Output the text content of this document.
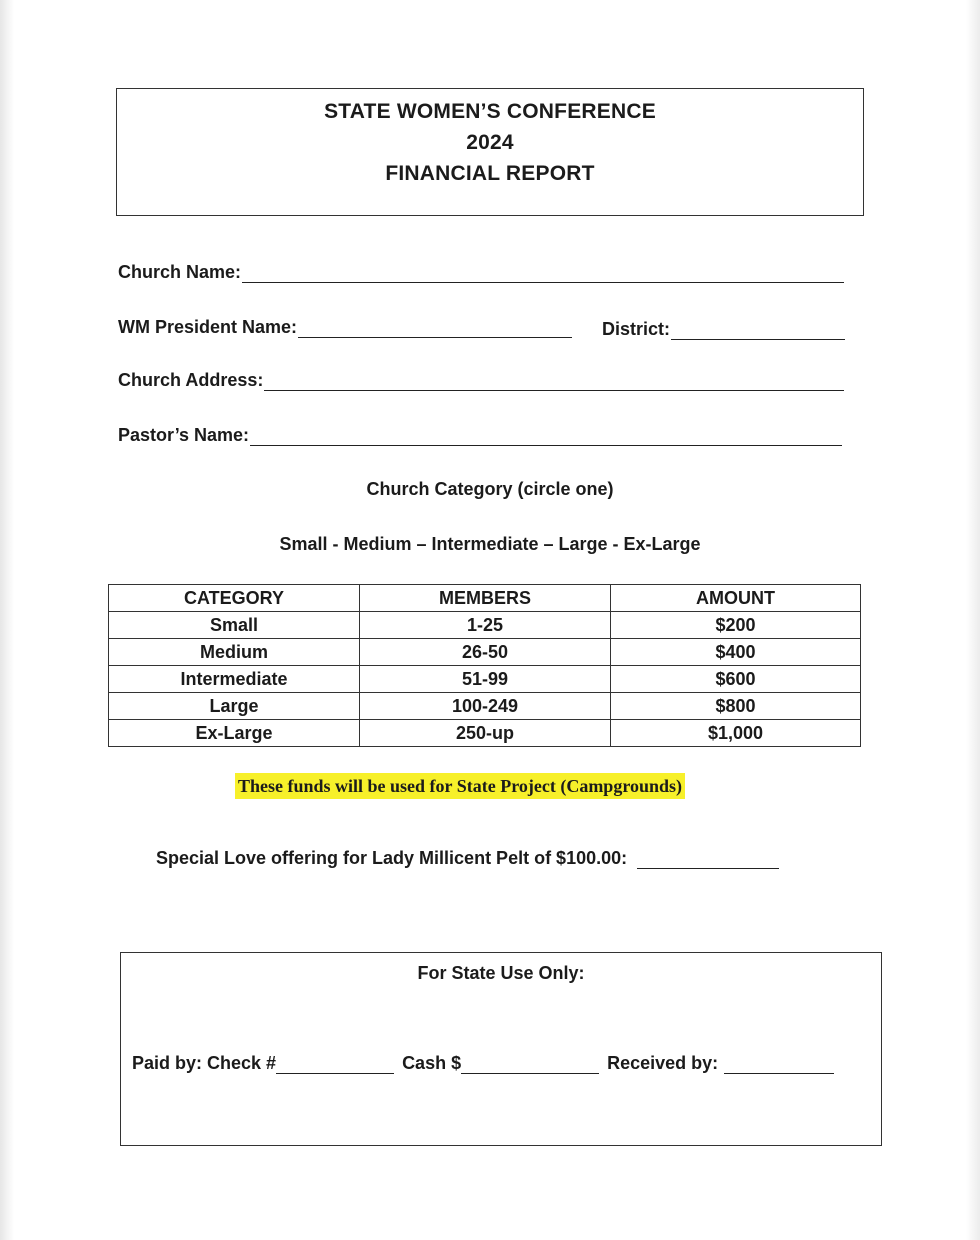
STATE WOMEN’S CONFERENCE
2024
FINANCIAL REPORT
Church Name:
WM President Name:	District:
Church Address:
Pastor’s Name:
Church Category (circle one)
Small - Medium – Intermediate – Large - Ex-Large
CATEGORY	MEMBERS	AMOUNT
Small	1-25	$200
Medium	26-50	$400
Intermediate	51-99	$600
Large	100-249	$800
Ex-Large	250-up	$1,000
These funds will be used for State Project (Campgrounds)
Special Love offering for Lady Millicent Pelt of $100.00:
For State Use Only:
Paid by: Check #	Cash $	Received by:
